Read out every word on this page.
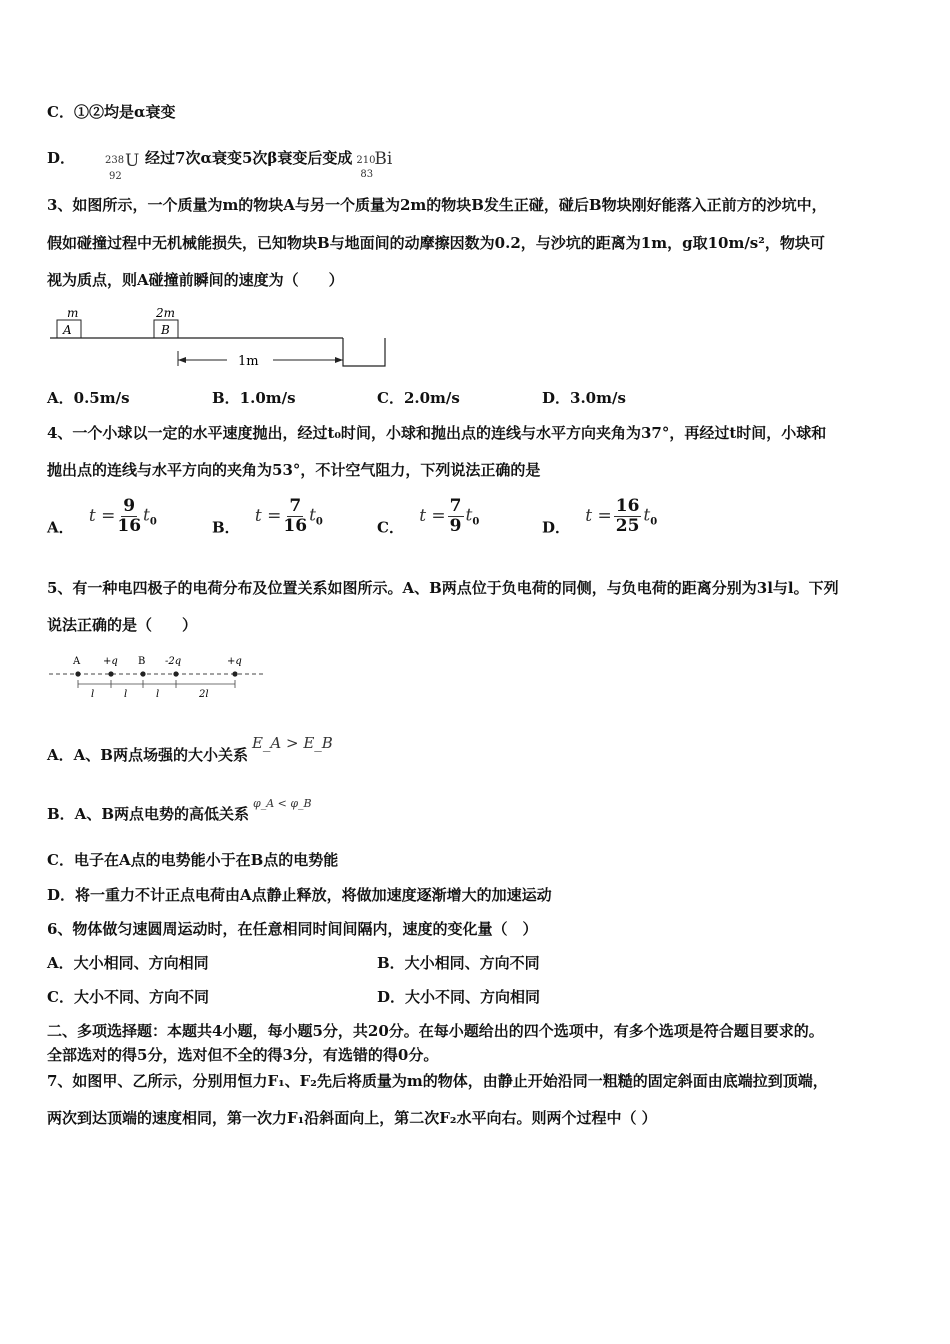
C．①②均是α衰变
D．	238
92
U 经过7次α衰变5次β衰变后变成 210
83
Bi
3、如图所示，一个质量为m的物块A与另一个质量为2m的物块B发生正碰，碰后B物块刚好能落入正前方的沙坑中，
假如碰撞过程中无机械能损失，已知物块B与地面间的动摩擦因数为0.2，与沙坑的距离为1m，g取10m/s²，物块可
视为质点，则A碰撞前瞬间的速度为（　　）
m
A
2m
B
1m
A．0.5m/s	B．1.0m/s	C．2.0m/s	D．3.0m/s
4、一个小球以一定的水平速度抛出，经过t₀时间，小球和抛出点的连线与水平方向夹角为37°，再经过t时间，小球和
抛出点的连线与水平方向的夹角为53°，不计空气阻力，下列说法正确的是
A． $t = \frac{9}{16} t_0$	B． $t = \frac{7}{16} t_0$	C． $t = \frac{7}{9} t_0$	D． $t = \frac{16}{25} t_0$
5、有一种电四极子的电荷分布及位置关系如图所示。A、B两点位于负电荷的同侧，与负电荷的距离分别为3l与l。下列
说法正确的是（　　）
A +q B -2q	+q
l	l	l	2l
A．A、B两点场强的大小关系E_A > E_B
B．A、B两点电势的高低关系$^{\varphi\_A < \varphi\_B}$
C．电子在A点的电势能小于在B点的电势能
D．将一重力不计正点电荷由A点静止释放，将做加速度逐渐增大的加速运动
6、物体做匀速圆周运动时，在任意相同时间间隔内，速度的变化量（　）
A．大小相同、方向相同	B．大小相同、方向不同
C．大小不同、方向不同	D．大小不同、方向相同
二、多项选择题：本题共4小题，每小题5分，共20分。在每小题给出的四个选项中，有多个选项是符合题目要求的。
全部选对的得5分，选对但不全的得3分，有选错的得0分。
7、如图甲、乙所示，分别用恒力F₁、F₂先后将质量为m的物体，由静止开始沿同一粗糙的固定斜面由底端拉到顶端，
两次到达顶端的速度相同，第一次力F₁沿斜面向上，第二次F₂水平向右。则两个过程中（ ）
